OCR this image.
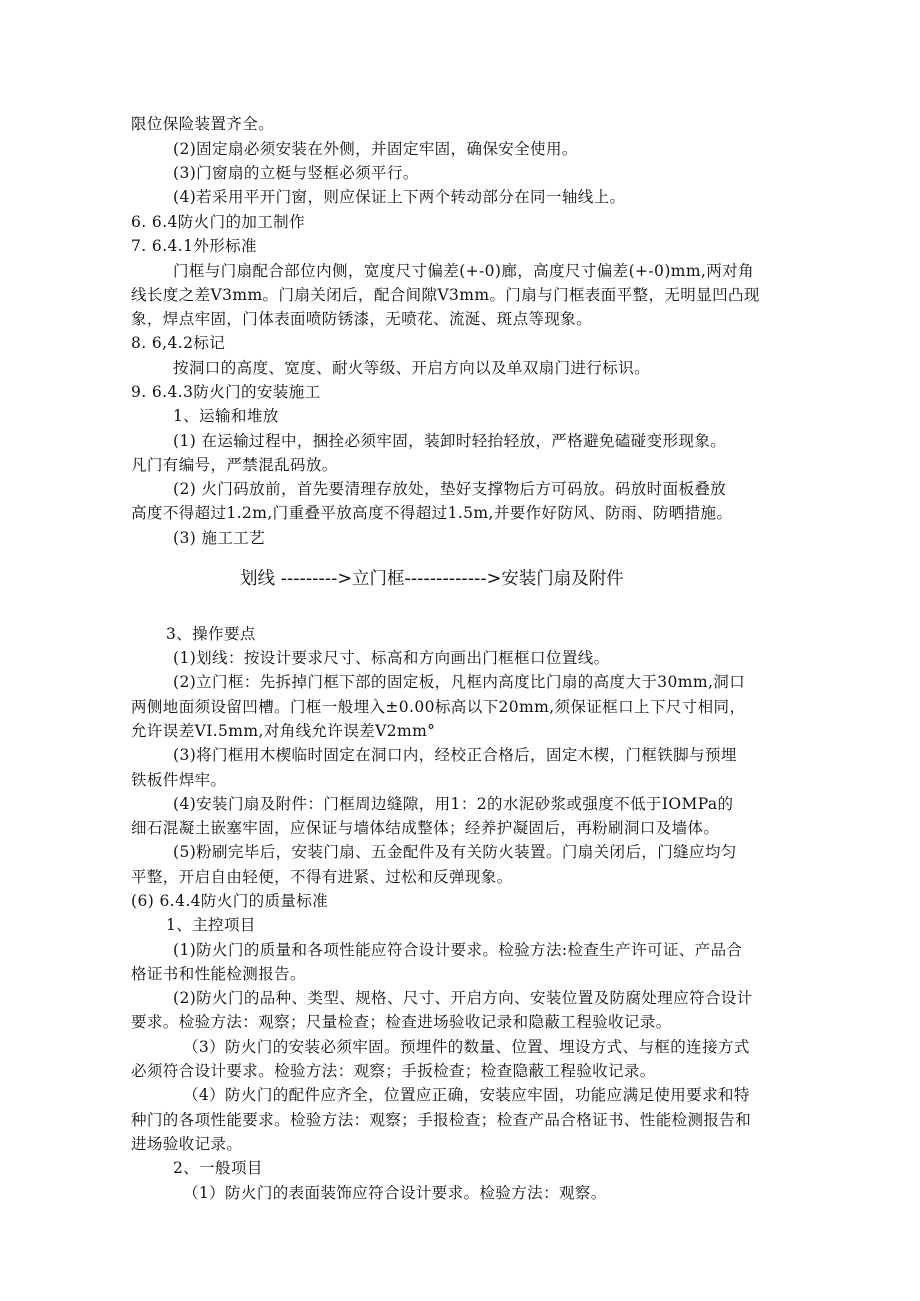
限位保险装置齐全。
(2)固定扇必须安装在外侧，并固定牢固，确保安全使用。
(3)门窗扇的立梃与竖框必须平行。
(4)若采用平开门窗，则应保证上下两个转动部分在同一轴线上。
6. 6.4防火门的加工制作
7. 6.4.1外形标准
门框与门扇配合部位内侧，宽度尺寸偏差(+-0)廊，高度尺寸偏差(+-0)mm,两对角
线长度之差V3mm。门扇关闭后，配合间隙V3mm。门扇与门框表面平整，无明显凹凸现
象，焊点牢固，门体表面喷防锈漆，无喷花、流涎、斑点等现象。
8. 6,4.2标记
按洞口的高度、宽度、耐火等级、开启方向以及单双扇门进行标识。
9. 6.4.3防火门的安装施工
1、运输和堆放
(1) 在运输过程中，捆拴必须牢固，装卸时轻抬轻放，严格避免磕碰变形现象。
凡门有编号，严禁混乱码放。
(2) 火门码放前，首先要清理存放处，垫好支撑物后方可码放。码放时面板叠放
高度不得超过1.2m,门重叠平放高度不得超过1.5m,并要作好防风、防雨、防晒措施。
(3) 施工工艺
划线 --------->立门框------------->安装门扇及附件
3、操作要点
(1)划线：按设计要求尺寸、标高和方向画出门框框口位置线。
(2)立门框：先拆掉门框下部的固定板，凡框内高度比门扇的高度大于30mm,洞口
两侧地面须设留凹槽。门框一般埋入±0.00标高以下20mm,须保证框口上下尺寸相同，
允许误差VI.5mm,对角线允许误差V2mm°
(3)将门框用木楔临时固定在洞口内，经校正合格后，固定木楔，门框铁脚与预埋
铁板件焊牢。
(4)安装门扇及附件：门框周边缝隙，用1：2的水泥砂浆或强度不低于IOMPa的
细石混凝土嵌塞牢固，应保证与墙体结成整体；经养护凝固后，再粉刷洞口及墙体。
(5)粉刷完毕后，安装门扇、五金配件及有关防火装置。门扇关闭后，门缝应均匀
平整，开启自由轻便，不得有进紧、过松和反弹现象。
(6) 6.4.4防火门的质量标准
1、主控项目
(1)防火门的质量和各项性能应符合设计要求。检验方法:检查生产许可证、产品合
格证书和性能检测报告。
(2)防火门的品种、类型、规格、尺寸、开启方向、安装位置及防腐处理应符合设计
要求。检验方法：观察；尺量检查；检查进场验收记录和隐蔽工程验收记录。
（3）防火门的安装必须牢固。预埋件的数量、位置、埋设方式、与框的连接方式
必须符合设计要求。检验方法：观察；手扳检查；检查隐蔽工程验收记录。
（4）防火门的配件应齐全，位置应正确，安装应牢固，功能应满足使用要求和特
种门的各项性能要求。检验方法：观察；手报检查；检查产品合格证书、性能检测报告和
进场验收记录。
2、一般项目
（1）防火门的表面装饰应符合设计要求。检验方法：观察。
